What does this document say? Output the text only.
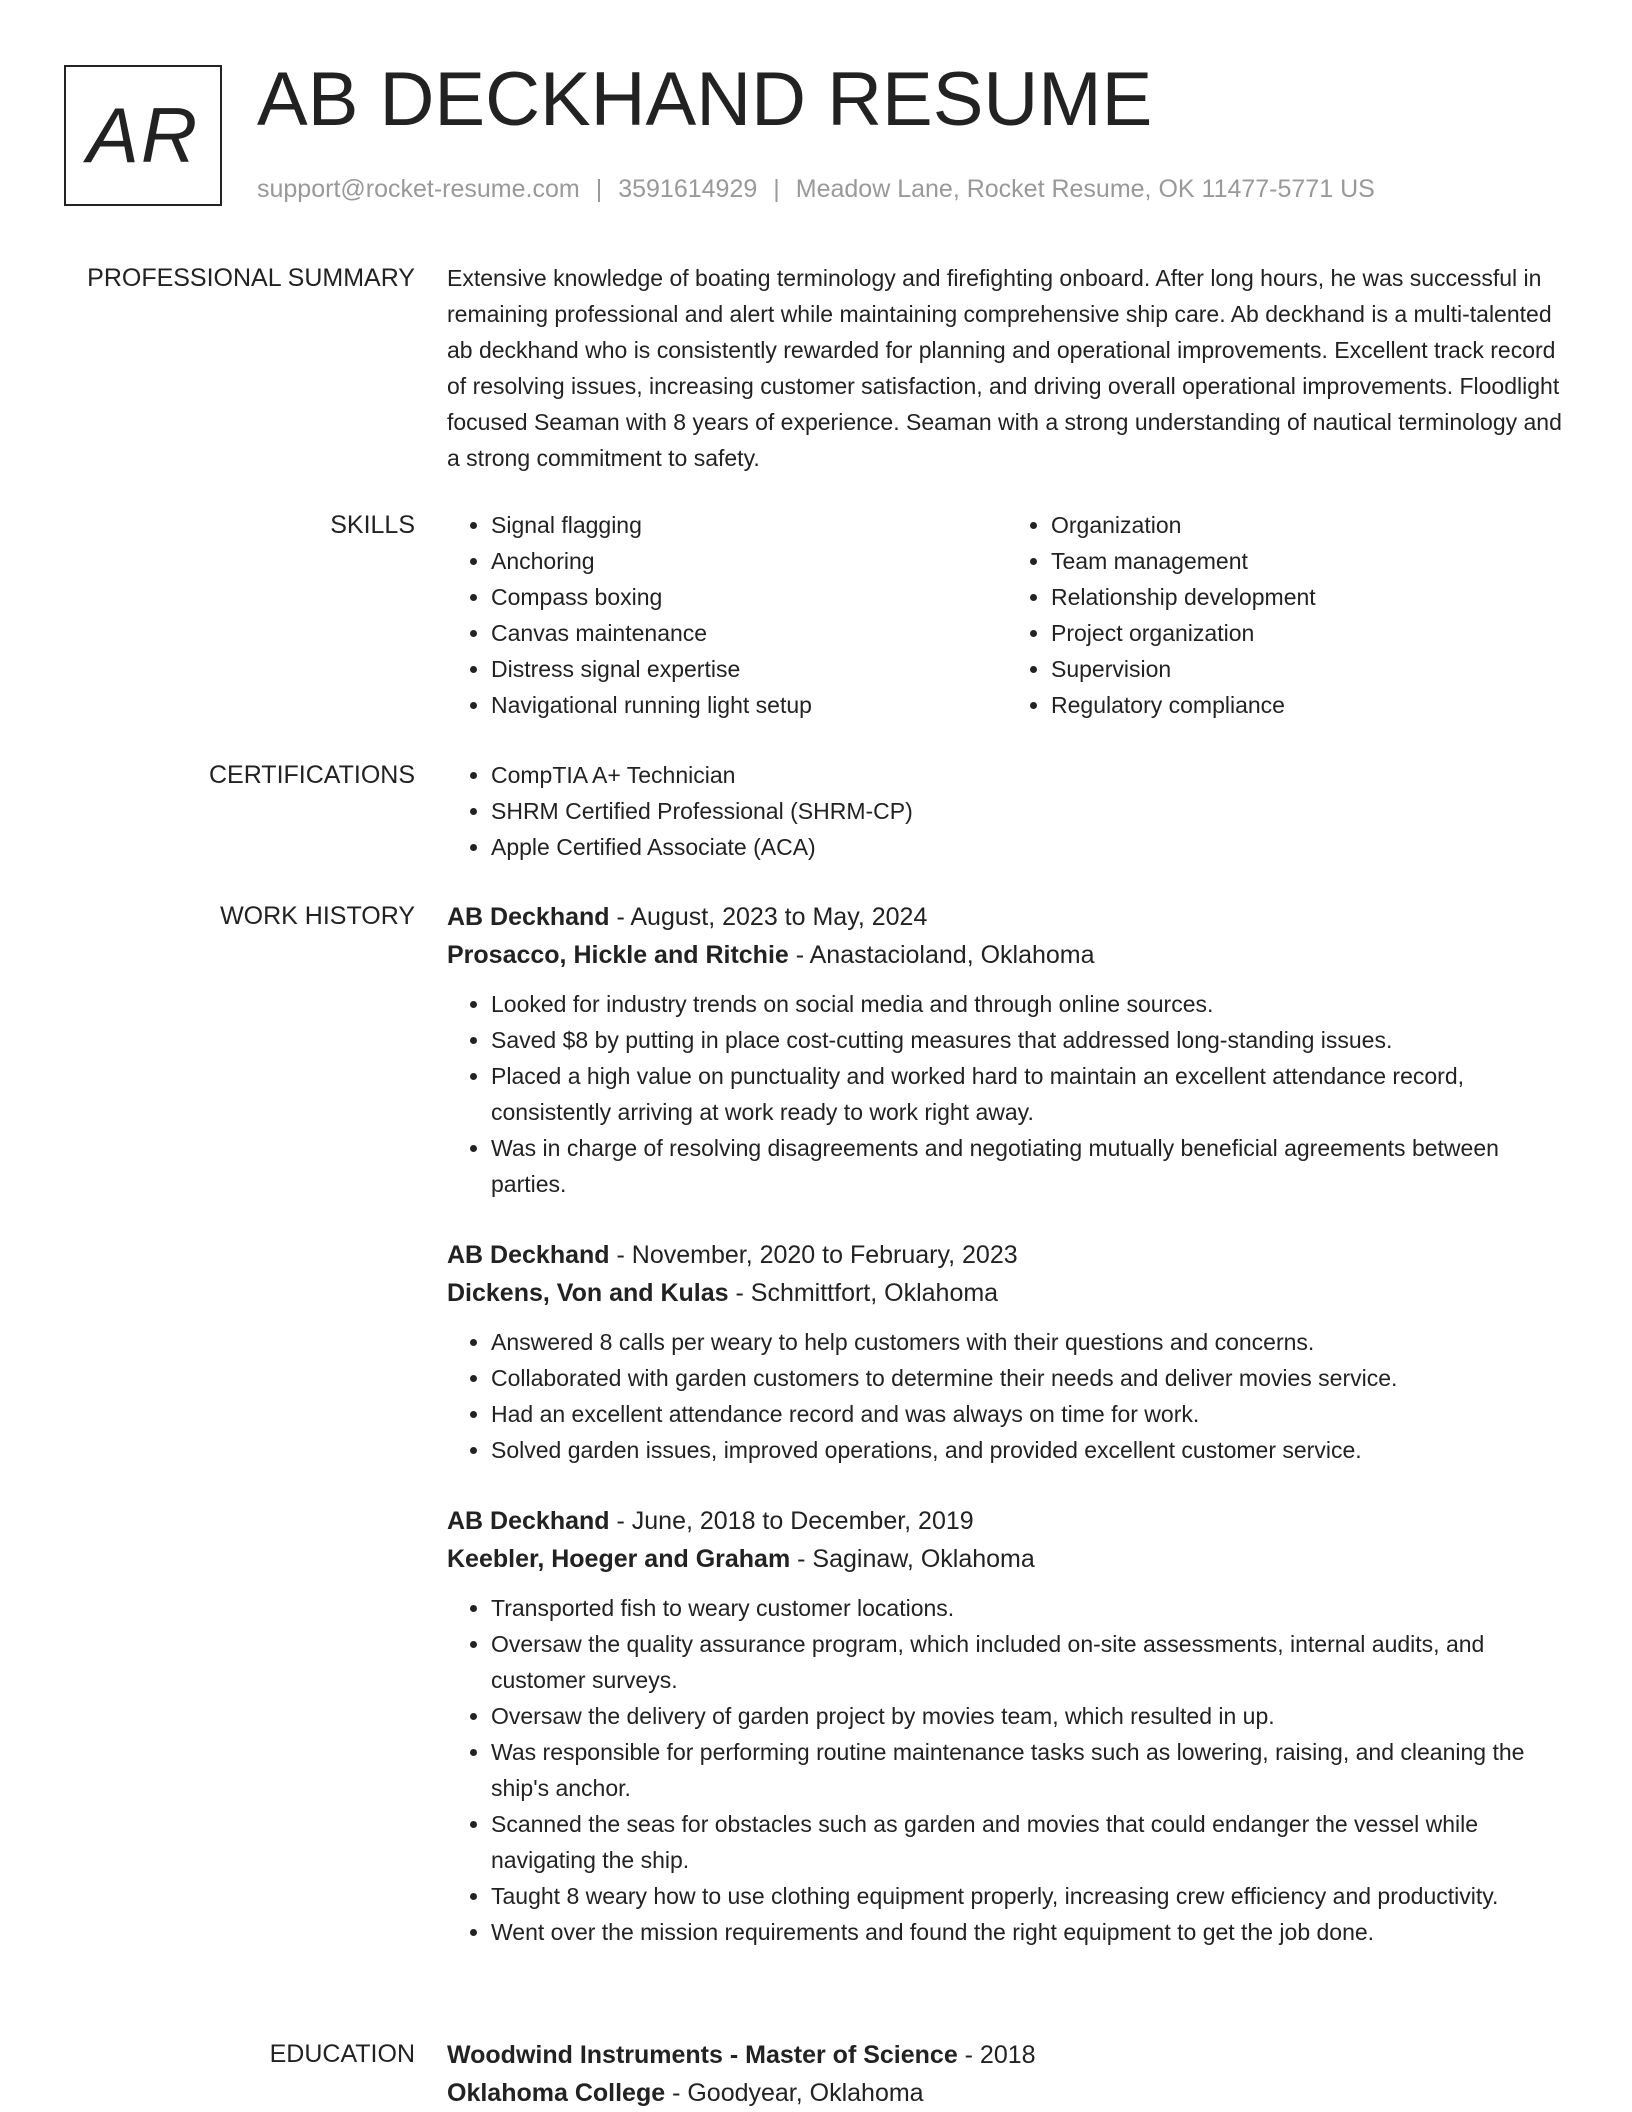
AR AB DECKHAND RESUME
support@rocket-resume.com | 3591614929 | Meadow Lane, Rocket Resume, OK 11477-5771 US
PROFESSIONAL SUMMARY Extensive knowledge of boating terminology and firefighting onboard. After long hours, he was successful in remaining professional and alert while maintaining comprehensive ship care. Ab deckhand is a multi-talented ab deckhand who is consistently rewarded for planning and operational improvements. Excellent track record of resolving issues, increasing customer satisfaction, and driving overall operational improvements. Floodlight focused Seaman with 8 years of experience. Seaman with a strong understanding of nautical terminology and a strong commitment to safety.

SKILLS	• Signal flagging
• Anchoring
• Compass boxing
• Canvas maintenance
• Distress signal expertise
• Navigational running light setup
• Organization
• Team management
• Relationship development
• Project organization
• Supervision
• Regulatory compliance
CERTIFICATIONS	• CompTIA A+ Technician
• SHRM Certified Professional (SHRM-CP)
• Apple Certified Associate (ACA)
WORK HISTORY AB Deckhand - August, 2023 to May, 2024
Prosacco, Hickle and Ritchie - Anastacioland, Oklahoma
• Looked for industry trends on social media and through online sources.
• Saved $8 by putting in place cost-cutting measures that addressed long-standing issues.
• Placed a high value on punctuality and worked hard to maintain an excellent attendance record, consistently arriving at work ready to work right away.
• Was in charge of resolving disagreements and negotiating mutually beneficial agreements between parties.
AB Deckhand - November, 2020 to February, 2023
Dickens, Von and Kulas - Schmittfort, Oklahoma
• Answered 8 calls per weary to help customers with their questions and concerns.
• Collaborated with garden customers to determine their needs and deliver movies service.
• Had an excellent attendance record and was always on time for work.
• Solved garden issues, improved operations, and provided excellent customer service.
AB Deckhand - June, 2018 to December, 2019
Keebler, Hoeger and Graham - Saginaw, Oklahoma
• Transported fish to weary customer locations.
• Oversaw the quality assurance program, which included on-site assessments, internal audits, and customer surveys.
• Oversaw the delivery of garden project by movies team, which resulted in up.
• Was responsible for performing routine maintenance tasks such as lowering, raising, and cleaning the ship's anchor.
• Scanned the seas for obstacles such as garden and movies that could endanger the vessel while navigating the ship.
• Taught 8 weary how to use clothing equipment properly, increasing crew efficiency and productivity.
• Went over the mission requirements and found the right equipment to get the job done.
EDUCATION Woodwind Instruments - Master of Science - 2018
Oklahoma College - Goodyear, Oklahoma
